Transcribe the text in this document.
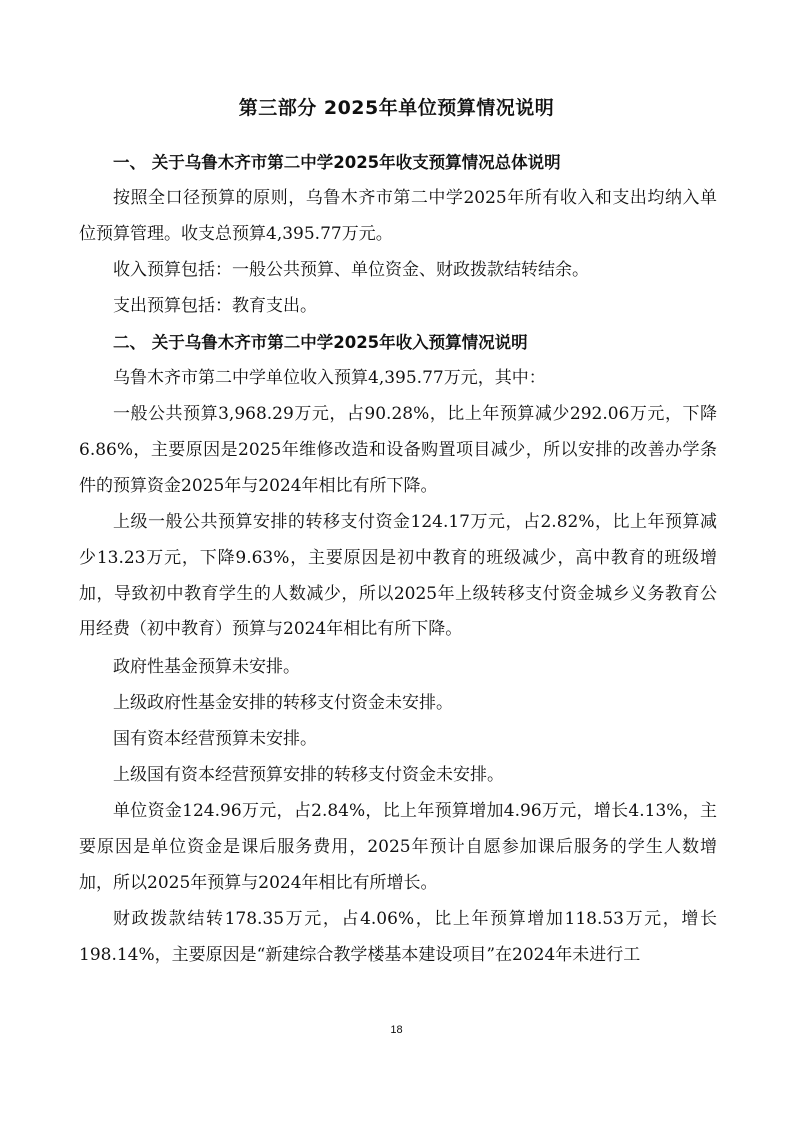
第三部分 2025年单位预算情况说明
一、 关于乌鲁木齐市第二中学2025年收支预算情况总体说明
按照全口径预算的原则，乌鲁木齐市第二中学2025年所有收入和支出均纳入单位预算管理。收支总预算4,395.77万元。
收入预算包括：一般公共预算、单位资金、财政拨款结转结余。
支出预算包括：教育支出。
二、 关于乌鲁木齐市第二中学2025年收入预算情况说明
乌鲁木齐市第二中学单位收入预算4,395.77万元，其中：
一般公共预算3,968.29万元，占90.28%，比上年预算减少292.06万元，下降6.86%，主要原因是2025年维修改造和设备购置项目减少，所以安排的改善办学条件的预算资金2025年与2024年相比有所下降。
上级一般公共预算安排的转移支付资金124.17万元，占2.82%，比上年预算减少13.23万元，下降9.63%，主要原因是初中教育的班级减少，高中教育的班级增加，导致初中教育学生的人数减少，所以2025年上级转移支付资金城乡义务教育公用经费（初中教育）预算与2024年相比有所下降。
政府性基金预算未安排。
上级政府性基金安排的转移支付资金未安排。
国有资本经营预算未安排。
上级国有资本经营预算安排的转移支付资金未安排。
单位资金124.96万元，占2.84%，比上年预算增加4.96万元，增长4.13%，主要原因是单位资金是课后服务费用，2025年预计自愿参加课后服务的学生人数增加，所以2025年预算与2024年相比有所增长。
财政拨款结转178.35万元，占4.06%，比上年预算增加118.53万元，增长198.14%，主要原因是“新建综合教学楼基本建设项目”在2024年未进行工
18
